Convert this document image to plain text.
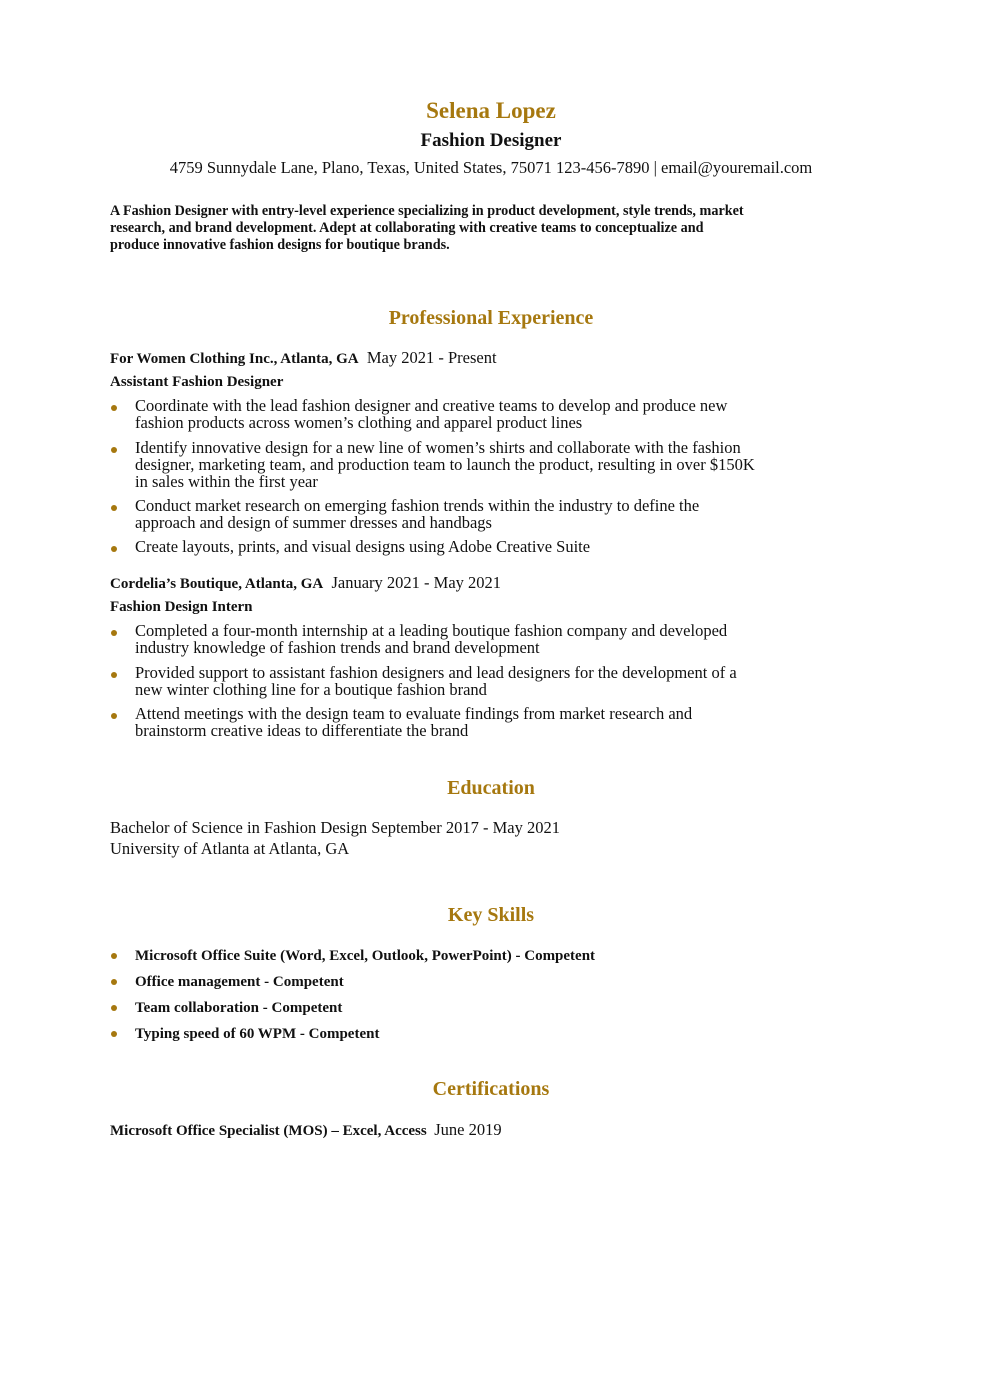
Selena Lopez
Fashion Designer
4759 Sunnydale Lane, Plano, Texas, United States, 75071 123-456-7890 | email@youremail.com
A Fashion Designer with entry-level experience specializing in product development, style trends, market
research, and brand development. Adept at collaborating with creative teams to conceptualize and
produce innovative fashion designs for boutique brands.
Professional Experience
For Women Clothing Inc., Atlanta, GA May 2021 - Present
Assistant Fashion Designer
Coordinate with the lead fashion designer and creative teams to develop and produce new
fashion products across women’s clothing and apparel product lines
Identify innovative design for a new line of women’s shirts and collaborate with the fashion
designer, marketing team, and production team to launch the product, resulting in over $150K
in sales within the first year
Conduct market research on emerging fashion trends within the industry to define the
approach and design of summer dresses and handbags
Create layouts, prints, and visual designs using Adobe Creative Suite
Cordelia’s Boutique, Atlanta, GA January 2021 - May 2021
Fashion Design Intern
Completed a four-month internship at a leading boutique fashion company and developed
industry knowledge of fashion trends and brand development
Provided support to assistant fashion designers and lead designers for the development of a
new winter clothing line for a boutique fashion brand
Attend meetings with the design team to evaluate findings from market research and
brainstorm creative ideas to differentiate the brand
Education
Bachelor of Science in Fashion Design September 2017 - May 2021
University of Atlanta at Atlanta, GA
Key Skills
Microsoft Office Suite (Word, Excel, Outlook, PowerPoint) - Competent
Office management - Competent
Team collaboration - Competent
Typing speed of 60 WPM - Competent
Certifications
Microsoft Office Specialist (MOS) – Excel, Access June 2019
